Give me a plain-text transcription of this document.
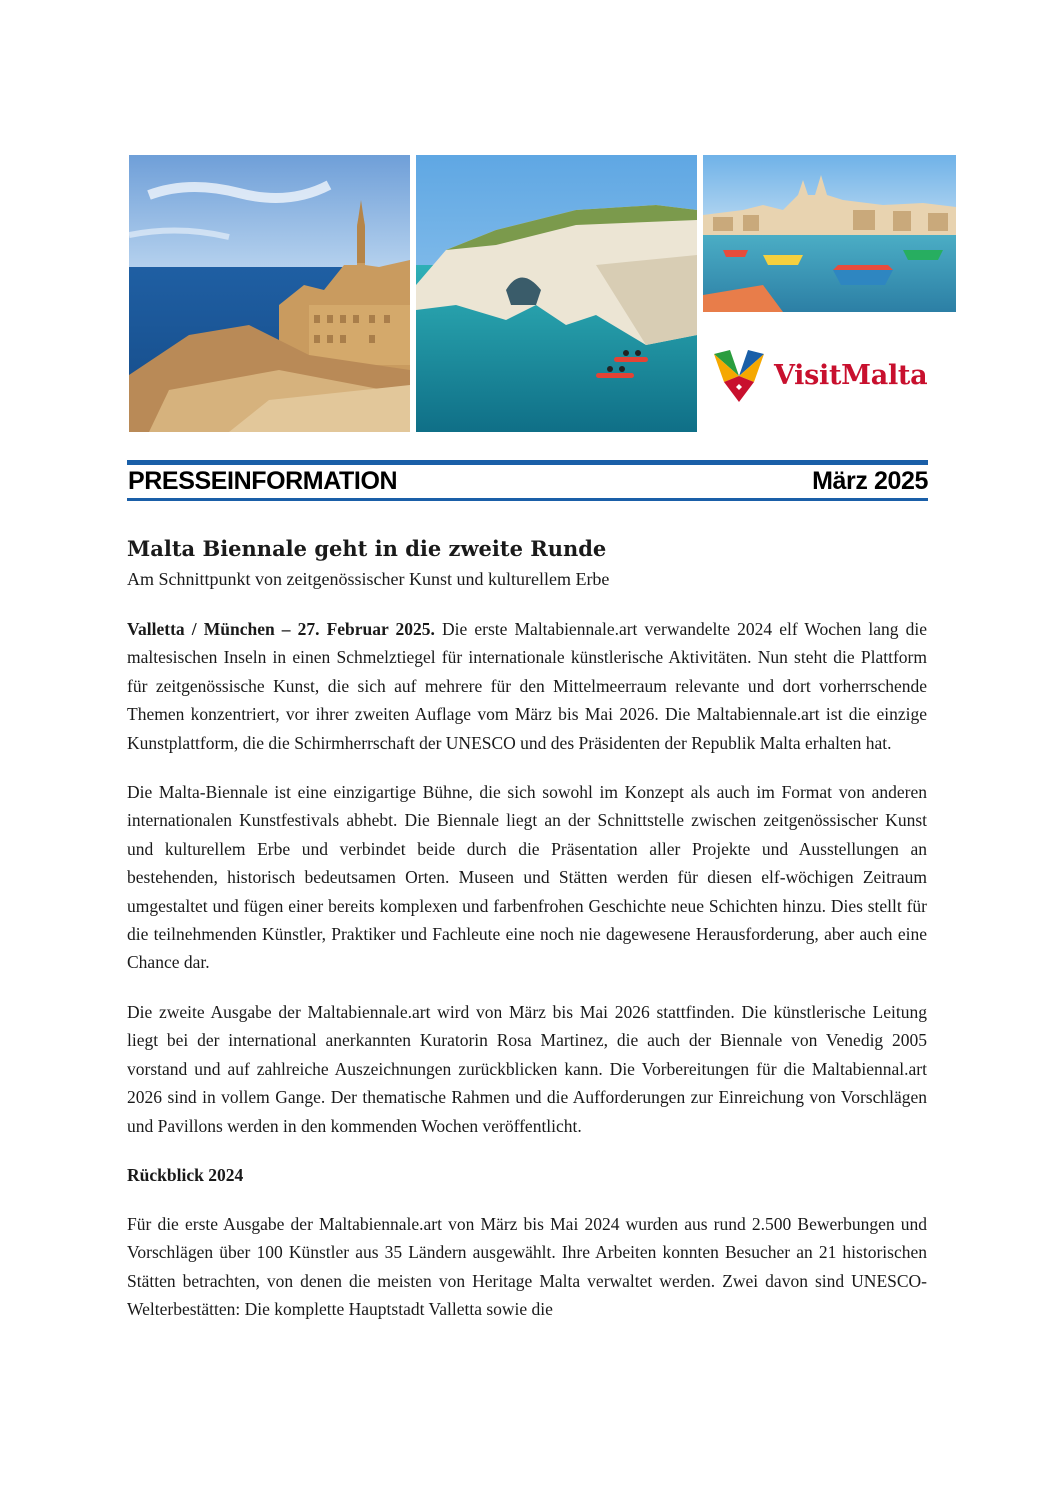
VisitMalta
PRESSEINFORMATION	März 2025
Malta Biennale geht in die zweite Runde

Am Schnittpunkt von zeitgenössischer Kunst und kulturellem Erbe

Valletta / München – 27. Februar 2025. Die erste Maltabiennale.art verwandelte 2024 elf Wochen lang die maltesischen Inseln in einen Schmelztiegel für internationale künstlerische Aktivitäten. Nun steht die Plattform für zeitgenössische Kunst, die sich auf mehrere für den Mittelmeerraum relevante und dort vorherrschende Themen konzentriert, vor ihrer zweiten Auflage vom März bis Mai 2026. Die Maltabiennale.art ist die einzige Kunstplattform, die die Schirmherrschaft der UNESCO und des Präsidenten der Republik Malta erhalten hat.

Die Malta-Biennale ist eine einzigartige Bühne, die sich sowohl im Konzept als auch im Format von anderen internationalen Kunstfestivals abhebt. Die Biennale liegt an der Schnittstelle zwischen zeitgenössischer Kunst und kulturellem Erbe und verbindet beide durch die Präsentation aller Projekte und Ausstellungen an bestehenden, historisch bedeutsamen Orten. Museen und Stätten werden für diesen elf-wöchigen Zeitraum umgestaltet und fügen einer bereits komplexen und farbenfrohen Geschichte neue Schichten hinzu. Dies stellt für die teilnehmenden Künstler, Praktiker und Fachleute eine noch nie dagewesene Herausforderung, aber auch eine Chance dar.

Die zweite Ausgabe der Maltabiennale.art wird von März bis Mai 2026 stattfinden. Die künstlerische Leitung liegt bei der international anerkannten Kuratorin Rosa Martinez, die auch der Biennale von Venedig 2005 vorstand und auf zahlreiche Auszeichnungen zurückblicken kann. Die Vorbereitungen für die Maltabiennal.art 2026 sind in vollem Gange. Der thematische Rahmen und die Aufforderungen zur Einreichung von Vorschlägen und Pavillons werden in den kommenden Wochen veröffentlicht.

Rückblick 2024

Für die erste Ausgabe der Maltabiennale.art von März bis Mai 2024 wurden aus rund 2.500 Bewerbungen und Vorschlägen über 100 Künstler aus 35 Ländern ausgewählt. Ihre Arbeiten konnten Besucher an 21 historischen Stätten betrachten, von denen die meisten von Heritage Malta verwaltet werden. Zwei davon sind UNESCO-Welterbestätten: Die komplette Hauptstadt Valletta sowie die
